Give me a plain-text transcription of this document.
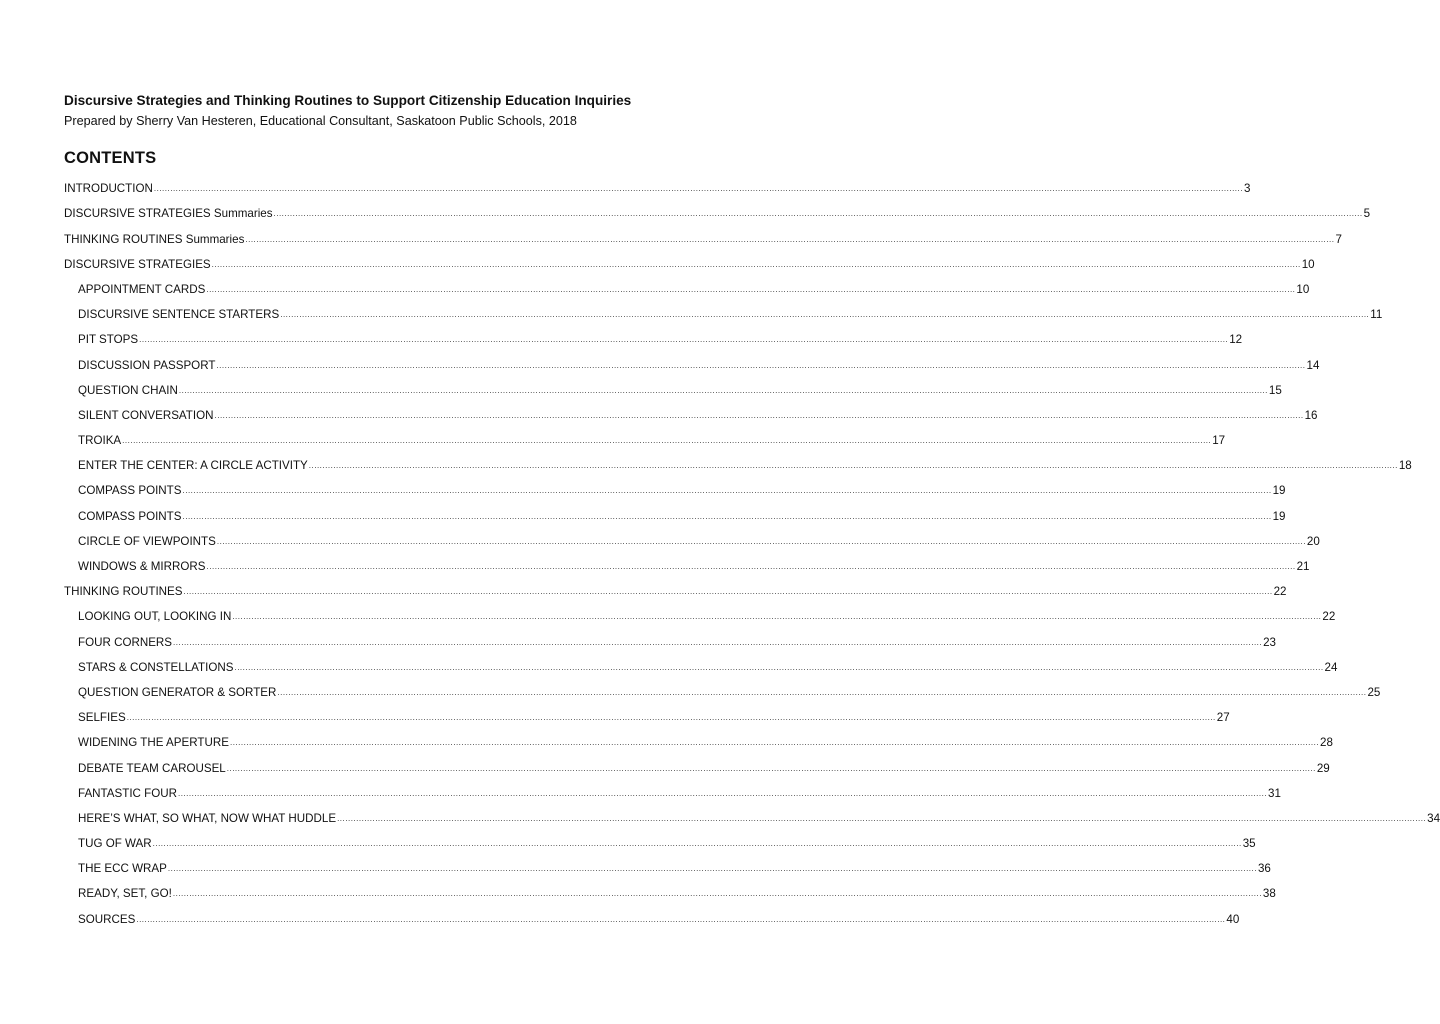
Discursive Strategies and Thinking Routines to Support Citizenship Education Inquiries

Prepared by Sherry Van Hesteren, Educational Consultant, Saskatoon Public Schools, 2018

CONTENTS
INTRODUCTION ................................................................................................................................................................................................................................................................................................................................................................................................................ 3
DISCURSIVE STRATEGIES Summaries ................................................................................................................................................................................................................................................................................................................................................................................................................ 5
THINKING ROUTINES Summaries ................................................................................................................................................................................................................................................................................................................................................................................................................ 7
DISCURSIVE STRATEGIES ................................................................................................................................................................................................................................................................................................................................................................................................................ 10
APPOINTMENT CARDS ................................................................................................................................................................................................................................................................................................................................................................................................................ 10
DISCURSIVE SENTENCE STARTERS ................................................................................................................................................................................................................................................................................................................................................................................................................ 11
PIT STOPS ................................................................................................................................................................................................................................................................................................................................................................................................................ 12
DISCUSSION PASSPORT ................................................................................................................................................................................................................................................................................................................................................................................................................ 14
QUESTION CHAIN ................................................................................................................................................................................................................................................................................................................................................................................................................ 15
SILENT CONVERSATION ................................................................................................................................................................................................................................................................................................................................................................................................................ 16
TROIKA ................................................................................................................................................................................................................................................................................................................................................................................................................ 17
ENTER THE CENTER: A CIRCLE ACTIVITY ................................................................................................................................................................................................................................................................................................................................................................................................................ 18
COMPASS POINTS ................................................................................................................................................................................................................................................................................................................................................................................................................ 19
COMPASS POINTS ................................................................................................................................................................................................................................................................................................................................................................................................................ 19
CIRCLE OF VIEWPOINTS ................................................................................................................................................................................................................................................................................................................................................................................................................ 20
WINDOWS & MIRRORS ................................................................................................................................................................................................................................................................................................................................................................................................................ 21
THINKING ROUTINES ................................................................................................................................................................................................................................................................................................................................................................................................................ 22
LOOKING OUT, LOOKING IN ................................................................................................................................................................................................................................................................................................................................................................................................................ 22
FOUR CORNERS ................................................................................................................................................................................................................................................................................................................................................................................................................ 23
STARS & CONSTELLATIONS ................................................................................................................................................................................................................................................................................................................................................................................................................ 24
QUESTION GENERATOR & SORTER ................................................................................................................................................................................................................................................................................................................................................................................................................ 25
SELFIES ................................................................................................................................................................................................................................................................................................................................................................................................................ 27
WIDENING THE APERTURE ................................................................................................................................................................................................................................................................................................................................................................................................................ 28
DEBATE TEAM CAROUSEL ................................................................................................................................................................................................................................................................................................................................................................................................................ 29
FANTASTIC FOUR ................................................................................................................................................................................................................................................................................................................................................................................................................ 31
HERE’S WHAT, SO WHAT, NOW WHAT HUDDLE ................................................................................................................................................................................................................................................................................................................................................................................................................ 34
TUG OF WAR ................................................................................................................................................................................................................................................................................................................................................................................................................ 35
THE ECC WRAP ................................................................................................................................................................................................................................................................................................................................................................................................................ 36
READY, SET, GO! ................................................................................................................................................................................................................................................................................................................................................................................................................ 38
SOURCES ................................................................................................................................................................................................................................................................................................................................................................................................................ 40
